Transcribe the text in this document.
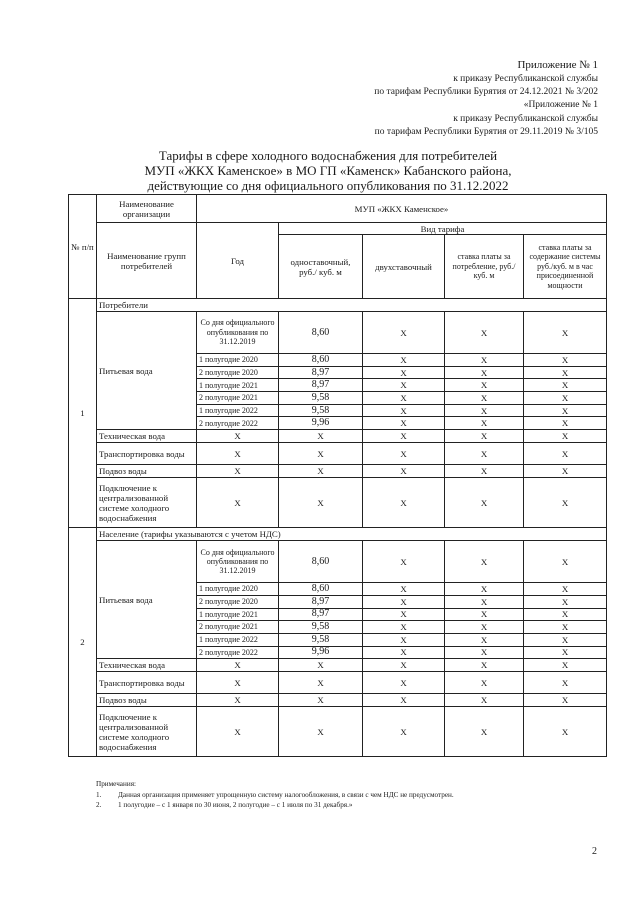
Приложение № 1
к приказу Республиканской службы
по тарифам Республики Бурятия от 24.12.2021 № 3/202
«Приложение № 1
к приказу Республиканской службы
по тарифам Республики Бурятия от 29.11.2019 № 3/105
Тарифы в сфере холодного водоснабжения для потребителей
МУП «ЖКХ Каменское» в МО ГП «Каменск» Кабанского района,
действующие со дня официального опубликования по 31.12.2022
№ п/п	Наименование организации	МУП «ЖКХ Каменское»				
	Наименование групп потребителей	Год	Вид тарифа			
			одноставочный, руб./ куб. м	двухставочный	ставка платы за потребление, руб./ куб. м	ставка платы за содержание системы руб./куб. м в час присоединенной мощности
1	Потребители					
	Питьевая вода	Со дня официального опубликования по 31.12.2019	8,60	Х	Х	Х
		1 полугодие 2020	8,60	Х	Х	Х
		2 полугодие 2020	8,97	Х	Х	Х
		1 полугодие 2021	8,97	Х	Х	Х
		2 полугодие 2021	9,58	Х	Х	Х
		1 полугодие 2022	9,58	Х	Х	Х
		2 полугодие 2022	9,96	Х	Х	Х
	Техническая вода	Х	Х	Х	Х	Х
	Транспортировка воды	Х	Х	Х	Х	Х
	Подвоз воды	Х	Х	Х	Х	Х
	Подключение к централизованной системе холодного водоснабжения	Х	Х	Х	Х	Х
2	Население (тарифы указываются с учетом НДС)					
	Питьевая вода	Со дня официального опубликования по 31.12.2019	8,60	Х	Х	Х
		1 полугодие 2020	8,60	Х	Х	Х
		2 полугодие 2020	8,97	Х	Х	Х
		1 полугодие 2021	8,97	Х	Х	Х
		2 полугодие 2021	9,58	Х	Х	Х
		1 полугодие 2022	9,58	Х	Х	Х
		2 полугодие 2022	9,96	Х	Х	Х
	Техническая вода	Х	Х	Х	Х	Х
	Транспортировка воды	Х	Х	Х	Х	Х
	Подвоз воды	Х	Х	Х	Х	Х
	Подключение к централизованной системе холодного водоснабжения	Х	Х	Х	Х	Х
Примечания:
1.	Данная организация применяет упрощенную систему налогообложения, в связи с чем НДС не предусмотрен.
2.	1 полугодие – с 1 января по 30 июня, 2 полугодие – с 1 июля по 31 декабря.»
2
